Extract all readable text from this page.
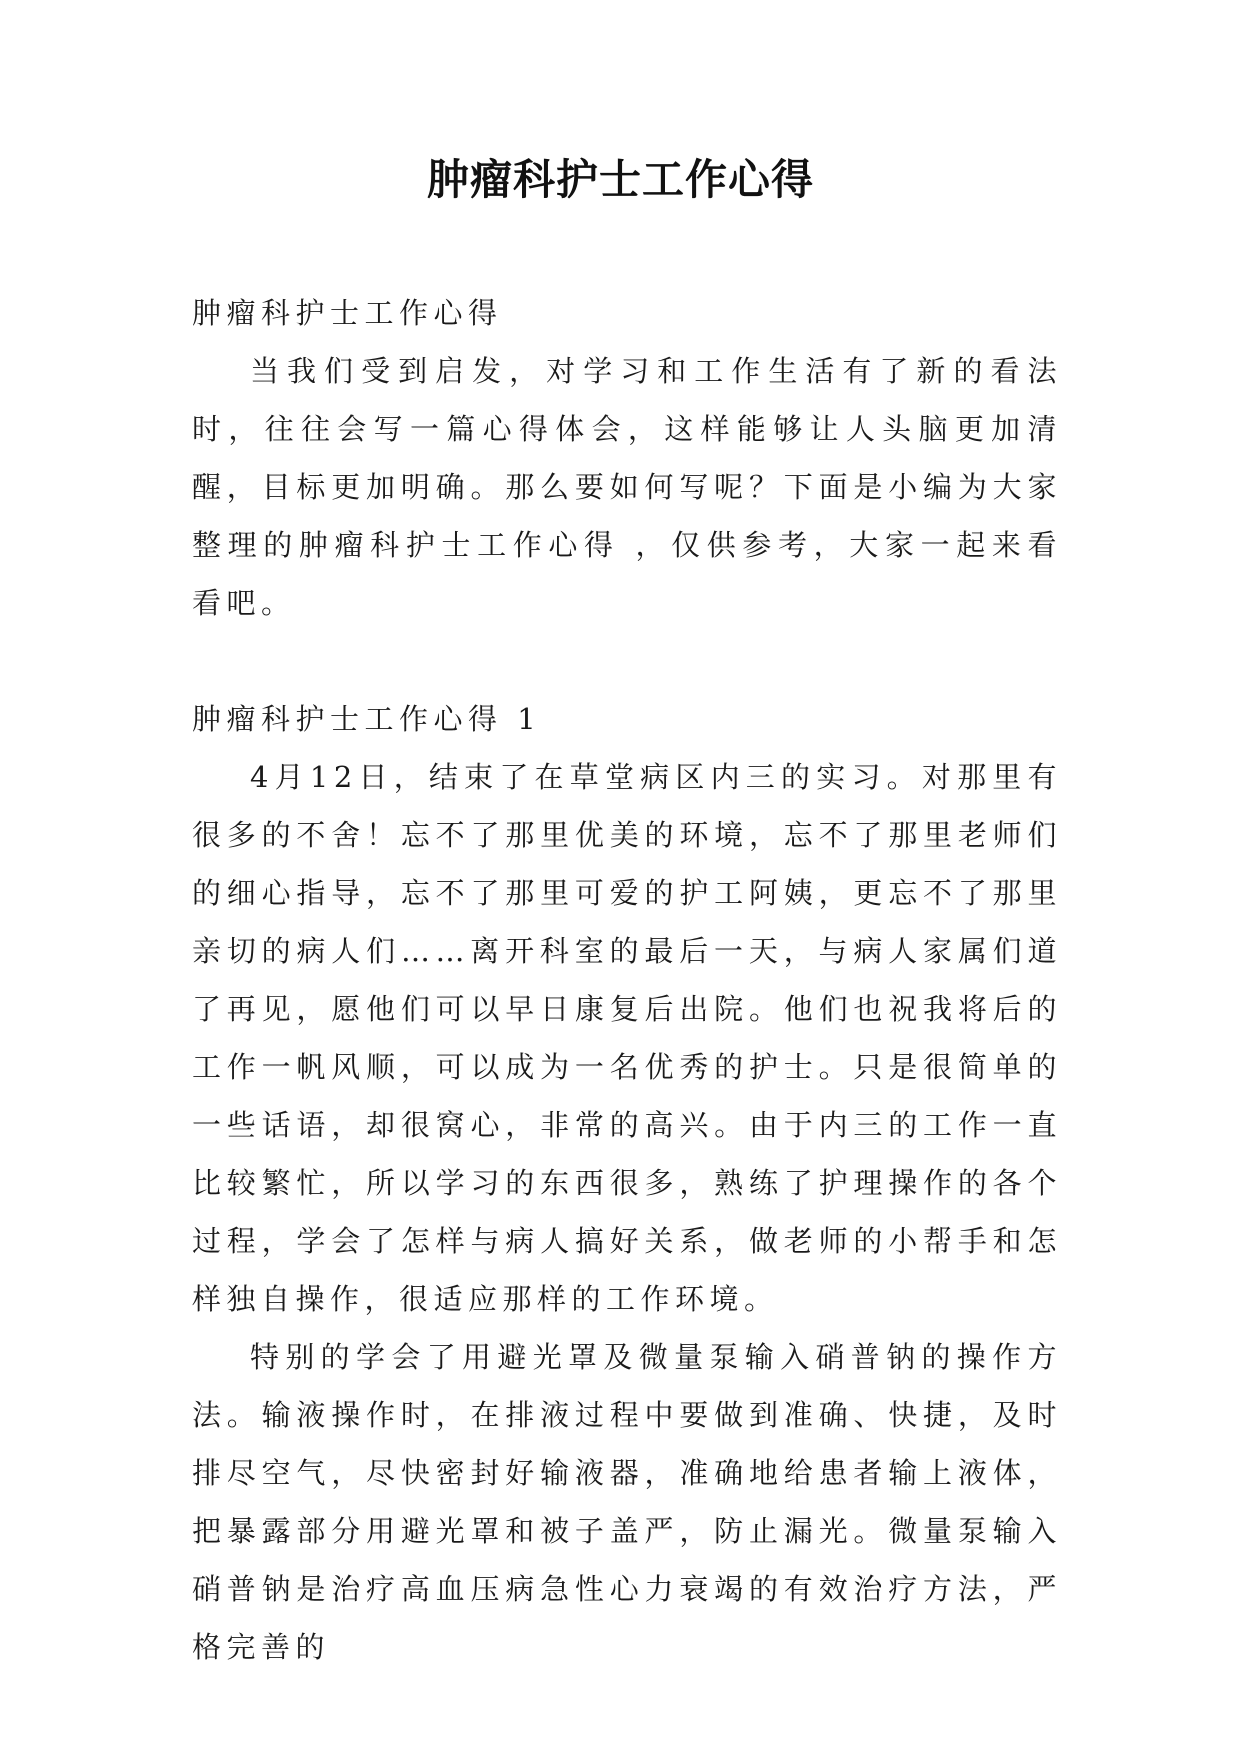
肿瘤科护士工作心得

肿瘤科护士工作心得

当我们受到启发，对学习和工作生活有了新的看法时，往往会写一篇心得体会，这样能够让人头脑更加清醒，目标更加明确。那么要如何写呢？下面是小编为大家整理的肿瘤科护士工作心得 ，仅供参考，大家一起来看看吧。

肿瘤科护士工作心得 1

4月12日，结束了在草堂病区内三的实习。对那里有很多的不舍！忘不了那里优美的环境，忘不了那里老师们的细心指导，忘不了那里可爱的护工阿姨，更忘不了那里亲切的病人们……离开科室的最后一天，与病人家属们道了再见，愿他们可以早日康复后出院。他们也祝我将后的工作一帆风顺，可以成为一名优秀的护士。只是很简单的一些话语，却很窝心，非常的高兴。由于内三的工作一直比较繁忙，所以学习的东西很多，熟练了护理操作的各个过程，学会了怎样与病人搞好关系，做老师的小帮手和怎样独自操作，很适应那样的工作环境。

特别的学会了用避光罩及微量泵输入硝普钠的操作方法。输液操作时，在排液过程中要做到准确、快捷，及时排尽空气，尽快密封好输液器，准确地给患者输上液体，把暴露部分用避光罩和被子盖严，防止漏光。微量泵输入硝普钠是治疗高血压病急性心力衰竭的有效治疗方法，严格完善的
